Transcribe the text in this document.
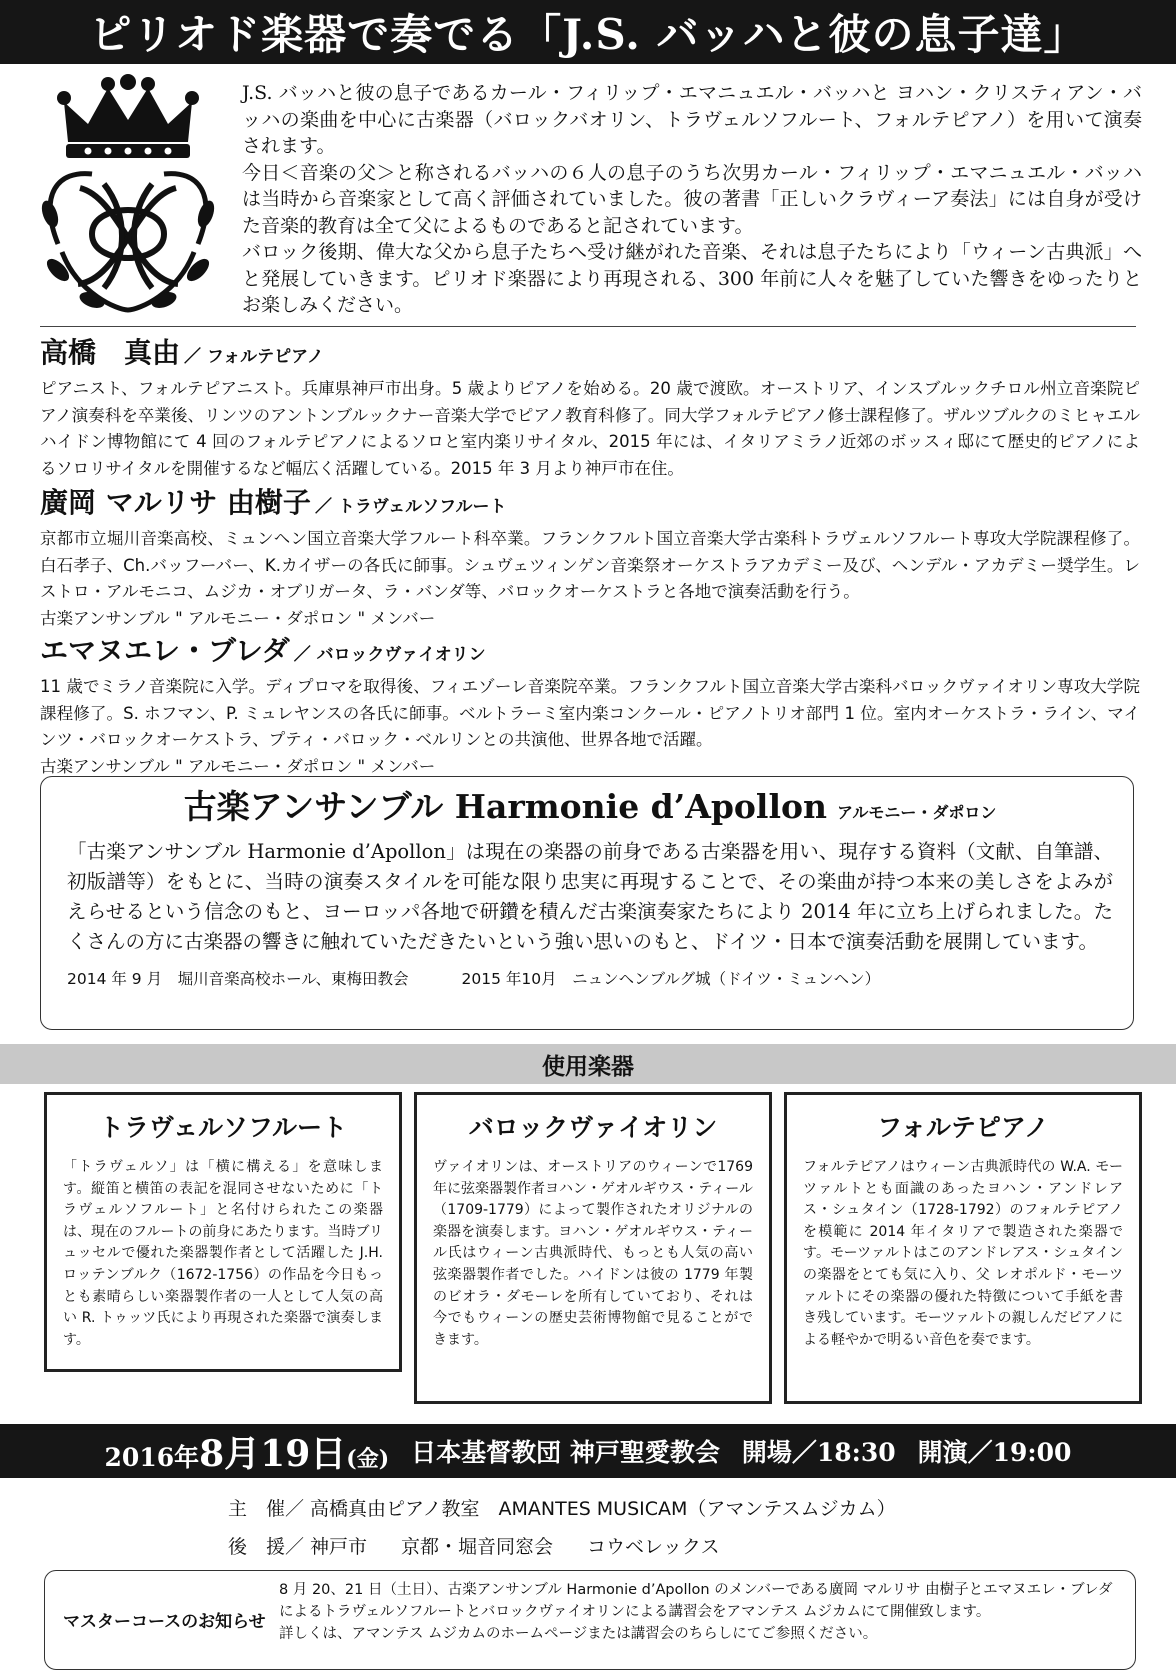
ピリオド楽器で奏でる「J.S. バッハと彼の息子達」

J.S. バッハと彼の息子であるカール・フィリップ・エマニュエル・バッハと ヨハン・クリスティアン・バッハの楽曲を中心に古楽器（バロックバオリン、トラヴェルソフルート、フォルテピアノ）を用いて演奏されます。

今日＜音楽の父＞と称されるバッハの６人の息子のうち次男カール・フィリップ・エマニュエル・バッハは当時から音楽家として高く評価されていました。彼の著書「正しいクラヴィーア奏法」には自身が受けた音楽的教育は全て父によるものであると記されています。

バロック後期、偉大な父から息子たちへ受け継がれた音楽、それは息子たちにより「ウィーン古典派」へと発展していきます。ピリオド楽器により再現される、300 年前に人々を魅了していた響きをゆったりとお楽しみください。

高橋　真由 ／ フォルテピアノ

ピアニスト、フォルテピアニスト。兵庫県神戸市出身。5 歳よりピアノを始める。20 歳で渡欧。オーストリア、インスブルックチロル州立音楽院ピアノ演奏科を卒業後、リンツのアントンブルックナー音楽大学でピアノ教育科修了。同大学フォルテピアノ修士課程修了。ザルツブルクのミヒャエルハイドン博物館にて 4 回のフォルテピアノによるソロと室内楽リサイタル、2015 年には、イタリアミラノ近郊のボッスィ邸にて歴史的ピアノによるソロリサイタルを開催するなど幅広く活躍している。2015 年 3 月より神戸市在住。

廣岡 マルリサ 由樹子 ／ トラヴェルソフルート

京都市立堀川音楽高校、ミュンヘン国立音楽大学フルート科卒業。フランクフルト国立音楽大学古楽科トラヴェルソフルート専攻大学院課程修了。白石孝子、Ch.バッフーバー、K.カイザーの各氏に師事。シュヴェツィンゲン音楽祭オーケストラアカデミー及び、ヘンデル・アカデミー奨学生。レストロ・アルモニコ、ムジカ・オブリガータ、ラ・バンダ等、バロックオーケストラと各地で演奏活動を行う。

古楽アンサンブル " アルモニー・ダポロン " メンバー

エマヌエレ・ブレダ ／ バロックヴァイオリン

11 歳でミラノ音楽院に入学。ディプロマを取得後、フィエゾーレ音楽院卒業。フランクフルト国立音楽大学古楽科バロックヴァイオリン専攻大学院課程修了。S. ホフマン、P. ミュレヤンスの各氏に師事。ベルトラーミ室内楽コンクール・ピアノトリオ部門 1 位。室内オーケストラ・ライン、マインツ・バロックオーケストラ、プティ・バロック・ベルリンとの共演他、世界各地で活躍。

古楽アンサンブル " アルモニー・ダポロン " メンバー

古楽アンサンブル Harmonie d’Apollon アルモニー・ダポロン

「古楽アンサンブル Harmonie d’Apollon」は現在の楽器の前身である古楽器を用い、現存する資料（文献、自筆譜、初版譜等）をもとに、当時の演奏スタイルを可能な限り忠実に再現することで、その楽曲が持つ本来の美しさをよみがえらせるという信念のもと、ヨーロッパ各地で研鑽を積んだ古楽演奏家たちにより 2014 年に立ち上げられました。たくさんの方に古楽器の響きに触れていただきたいという強い思いのもと、ドイツ・日本で演奏活動を展開しています。

2014 年 9 月　堀川音楽高校ホール、東梅田教会	2015 年10月　ニュンヘンブルグ城（ドイツ・ミュンヘン）
使用楽器
トラヴェルソフルート

「トラヴェルソ」は「横に構える」を意味します。縦笛と横笛の表記を混同させないために「トラヴェルソフルート」と名付けられたこの楽器は、現在のフルートの前身にあたります。当時ブリュッセルで優れた楽器製作者として活躍した J.H. ロッテンブルク（1672-1756）の作品を今日もっとも素晴らしい楽器製作者の一人として人気の高い R. トゥッツ氏により再現された楽器で演奏します。

バロックヴァイオリン

ヴァイオリンは、オーストリアのウィーンで1769年に弦楽器製作者ヨハン・ゲオルギウス・ティール（1709-1779）によって製作されたオリジナルの楽器を演奏します。ヨハン・ゲオルギウス・ティール氏はウィーン古典派時代、もっとも人気の高い弦楽器製作者でした。ハイドンは彼の 1779 年製のビオラ・ダモーレを所有していており、それは今でもウィーンの歴史芸術博物館で見ることができます。

フォルテピアノ

フォルテピアノはウィーン古典派時代の W.A. モーツァルトとも面識のあったヨハン・アンドレアス・シュタイン（1728-1792）のフォルテピアノを模範に 2014 年イタリアで製造された楽器です。モーツァルトはこのアンドレアス・シュタインの楽器をとても気に入り、父 レオポルド・モーツァルトにその楽器の優れた特徴について手紙を書き残しています。モーツァルトの親しんだピアノによる軽やかで明るい音色を奏でます。

2016年8月19日(金) 日本基督教団 神戸聖愛教会 開場／18:30 開演／19:00
主　催／ 高橋真由ピアノ教室　AMANTES MUSICAM（アマンテスムジカム）
後　援／ 神戸市 京都・堀音同窓会 コウベレックス
マスターコースのお知らせ

8 月 20、21 日（土日）、古楽アンサンブル Harmonie d’Apollon のメンバーである廣岡 マルリサ 由樹子とエマヌエレ・ブレダによるトラヴェルソフルートとバロックヴァイオリンによる講習会をアマンテス ムジカムにて開催致します。

詳しくは、アマンテス ムジカムのホームページまたは講習会のちらしにてご参照ください。
